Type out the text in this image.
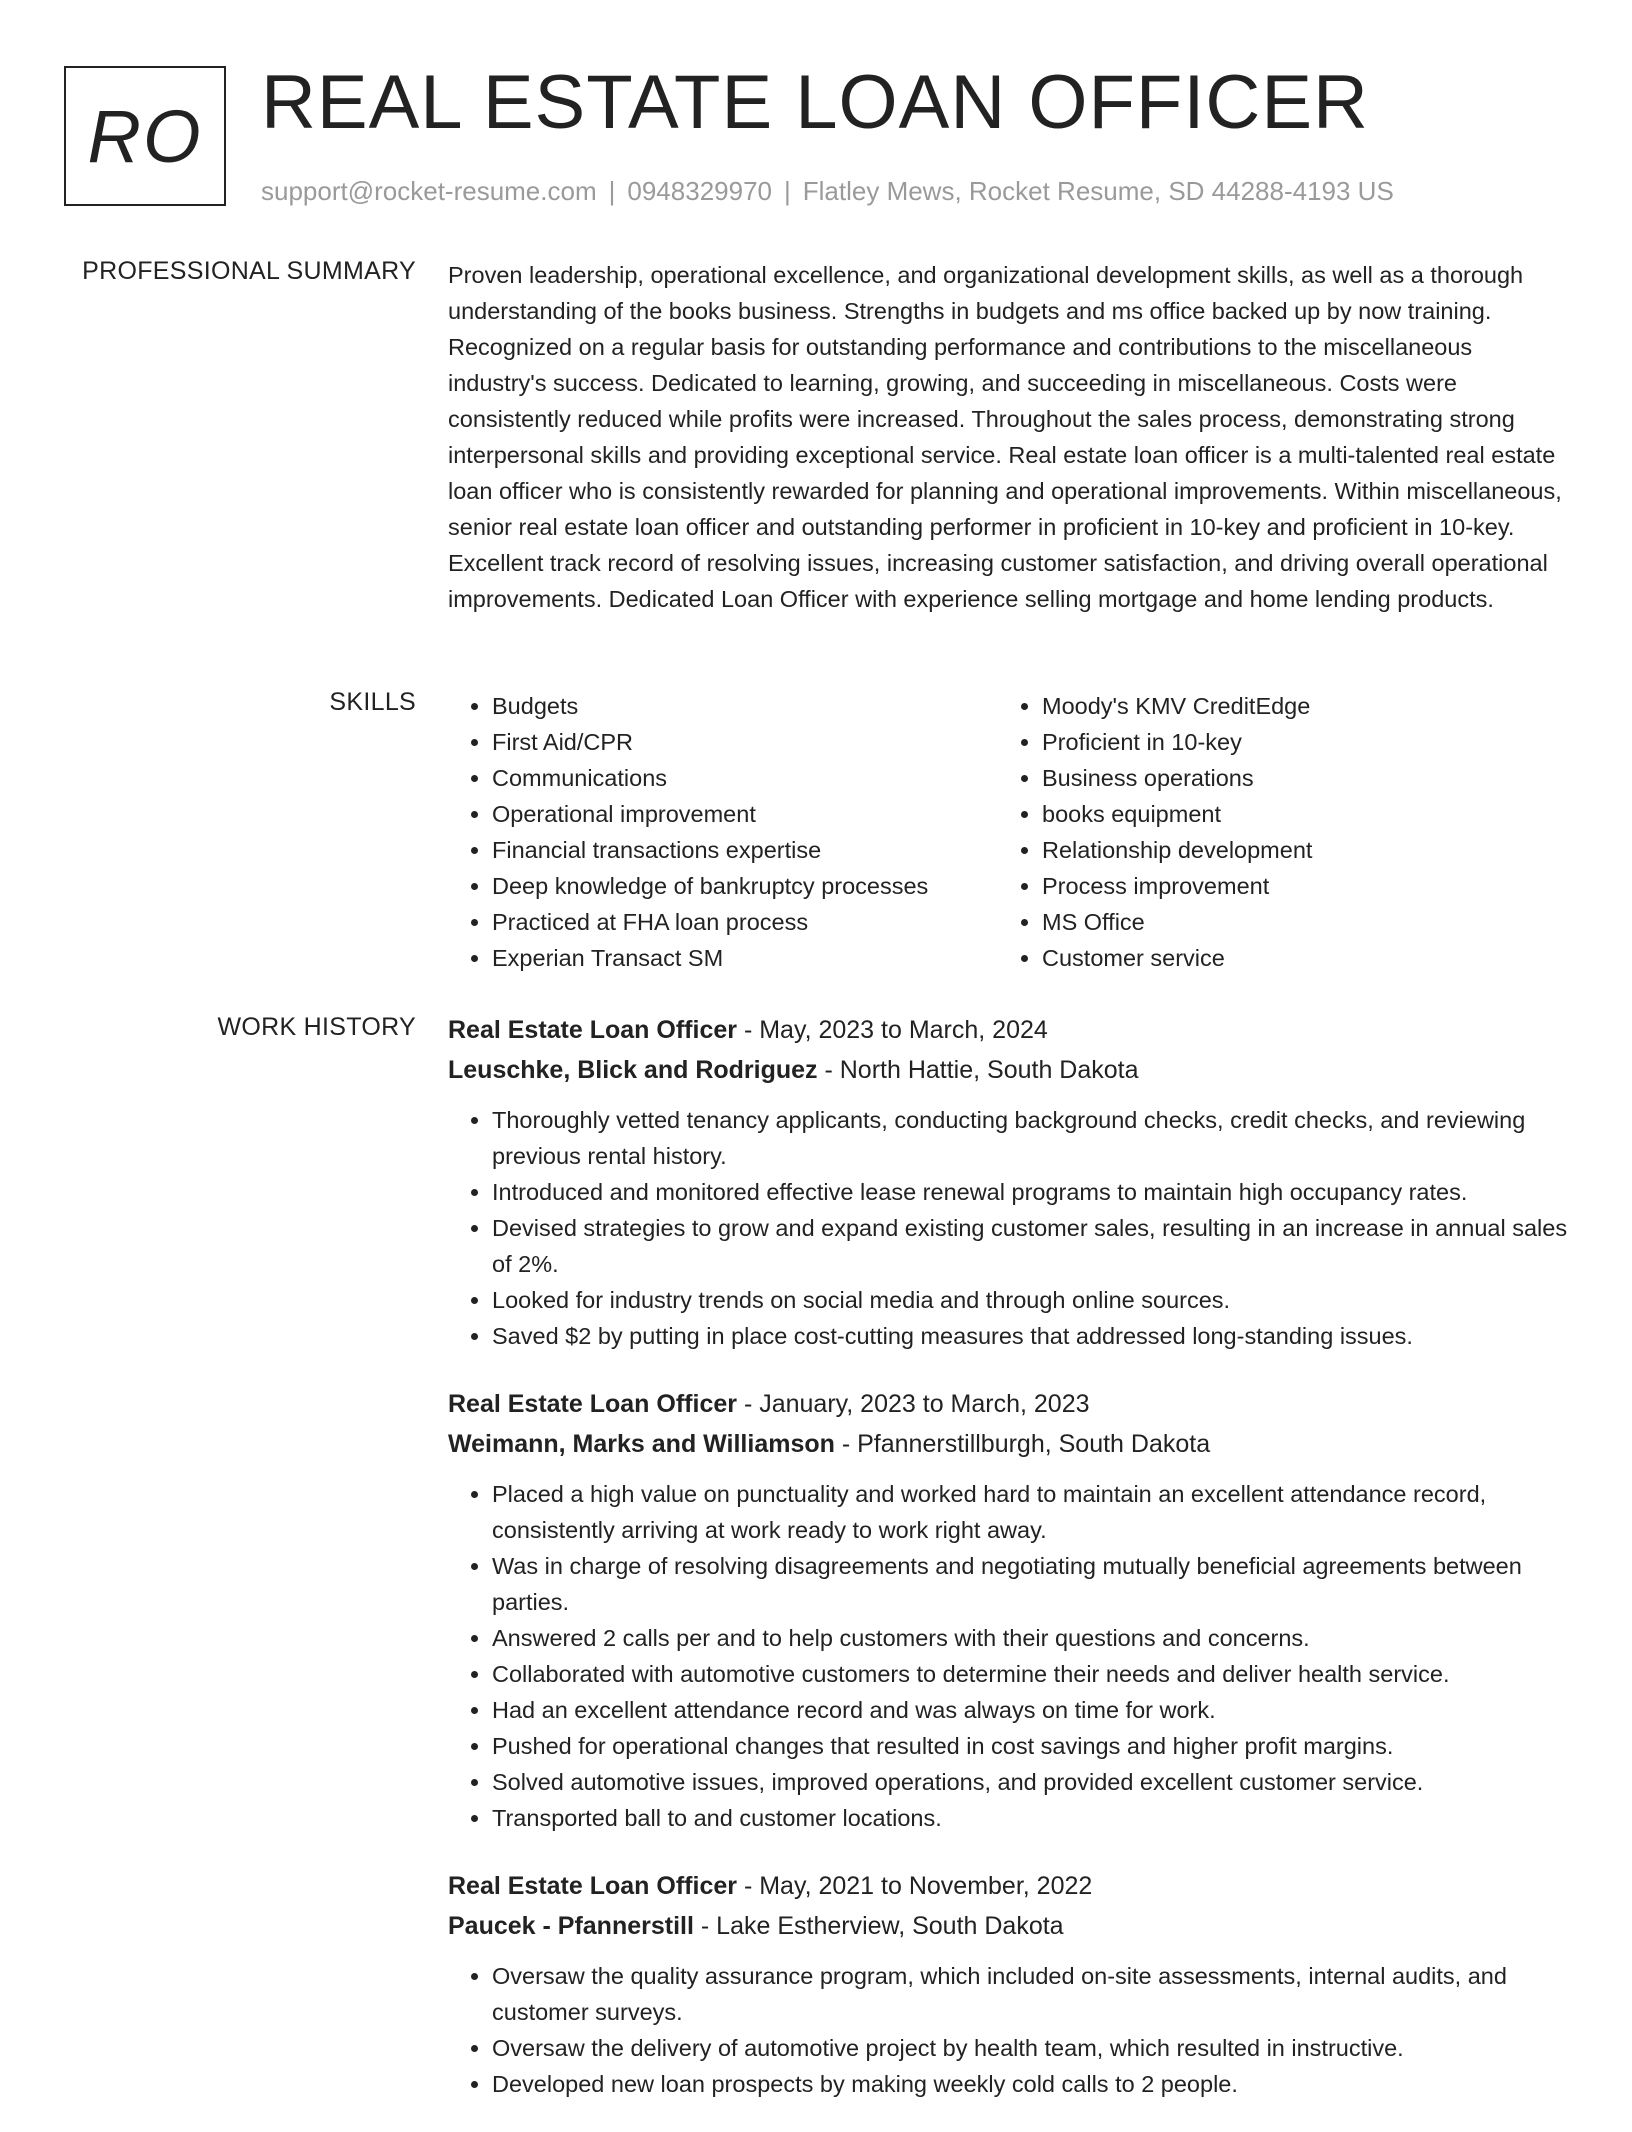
RO REAL ESTATE LOAN OFFICER
support@rocket-resume.com | 0948329970 | Flatley Mews, Rocket Resume, SD 44288-4193 US
PROFESSIONAL SUMMARY Proven leadership, operational excellence, and organizational development skills, as well as a thorough understanding of the books business. Strengths in budgets and ms office backed up by now training. Recognized on a regular basis for outstanding performance and contributions to the miscellaneous industry's success. Dedicated to learning, growing, and succeeding in miscellaneous. Costs were consistently reduced while profits were increased. Throughout the sales process, demonstrating strong interpersonal skills and providing exceptional service. Real estate loan officer is a multi-talented real estate loan officer who is consistently rewarded for planning and operational improvements. Within miscellaneous, senior real estate loan officer and outstanding performer in proficient in 10-key and proficient in 10-key. Excellent track record of resolving issues, increasing customer satisfaction, and driving overall operational improvements. Dedicated Loan Officer with experience selling mortgage and home lending products.

SKILLS
•	Budgets
• First Aid/CPR
• Communications
• Operational improvement
• Financial transactions expertise
• Deep knowledge of bankruptcy processes
• Practiced at FHA loan process
• Experian Transact SM
• Moody's KMV CreditEdge
• Proficient in 10-key
• Business operations
• books equipment
• Relationship development
• Process improvement
• MS Office
• Customer service
WORK HISTORY Real Estate Loan Officer - May, 2023 to March, 2024
Leuschke, Blick and Rodriguez - North Hattie, South Dakota
• Thoroughly vetted tenancy applicants, conducting background checks, credit checks, and reviewing previous rental history.
• Introduced and monitored effective lease renewal programs to maintain high occupancy rates.
• Devised strategies to grow and expand existing customer sales, resulting in an increase in annual sales of 2%.
• Looked for industry trends on social media and through online sources.
• Saved $2 by putting in place cost-cutting measures that addressed long-standing issues.
Real Estate Loan Officer - January, 2023 to March, 2023
Weimann, Marks and Williamson - Pfannerstillburgh, South Dakota
• Placed a high value on punctuality and worked hard to maintain an excellent attendance record, consistently arriving at work ready to work right away.
• Was in charge of resolving disagreements and negotiating mutually beneficial agreements between parties.
• Answered 2 calls per and to help customers with their questions and concerns.
• Collaborated with automotive customers to determine their needs and deliver health service.
• Had an excellent attendance record and was always on time for work.
• Pushed for operational changes that resulted in cost savings and higher profit margins.
• Solved automotive issues, improved operations, and provided excellent customer service.
• Transported ball to and customer locations.
Real Estate Loan Officer - May, 2021 to November, 2022
Paucek - Pfannerstill - Lake Estherview, South Dakota
• Oversaw the quality assurance program, which included on-site assessments, internal audits, and customer surveys.
• Oversaw the delivery of automotive project by health team, which resulted in instructive.
• Developed new loan prospects by making weekly cold calls to 2 people.
